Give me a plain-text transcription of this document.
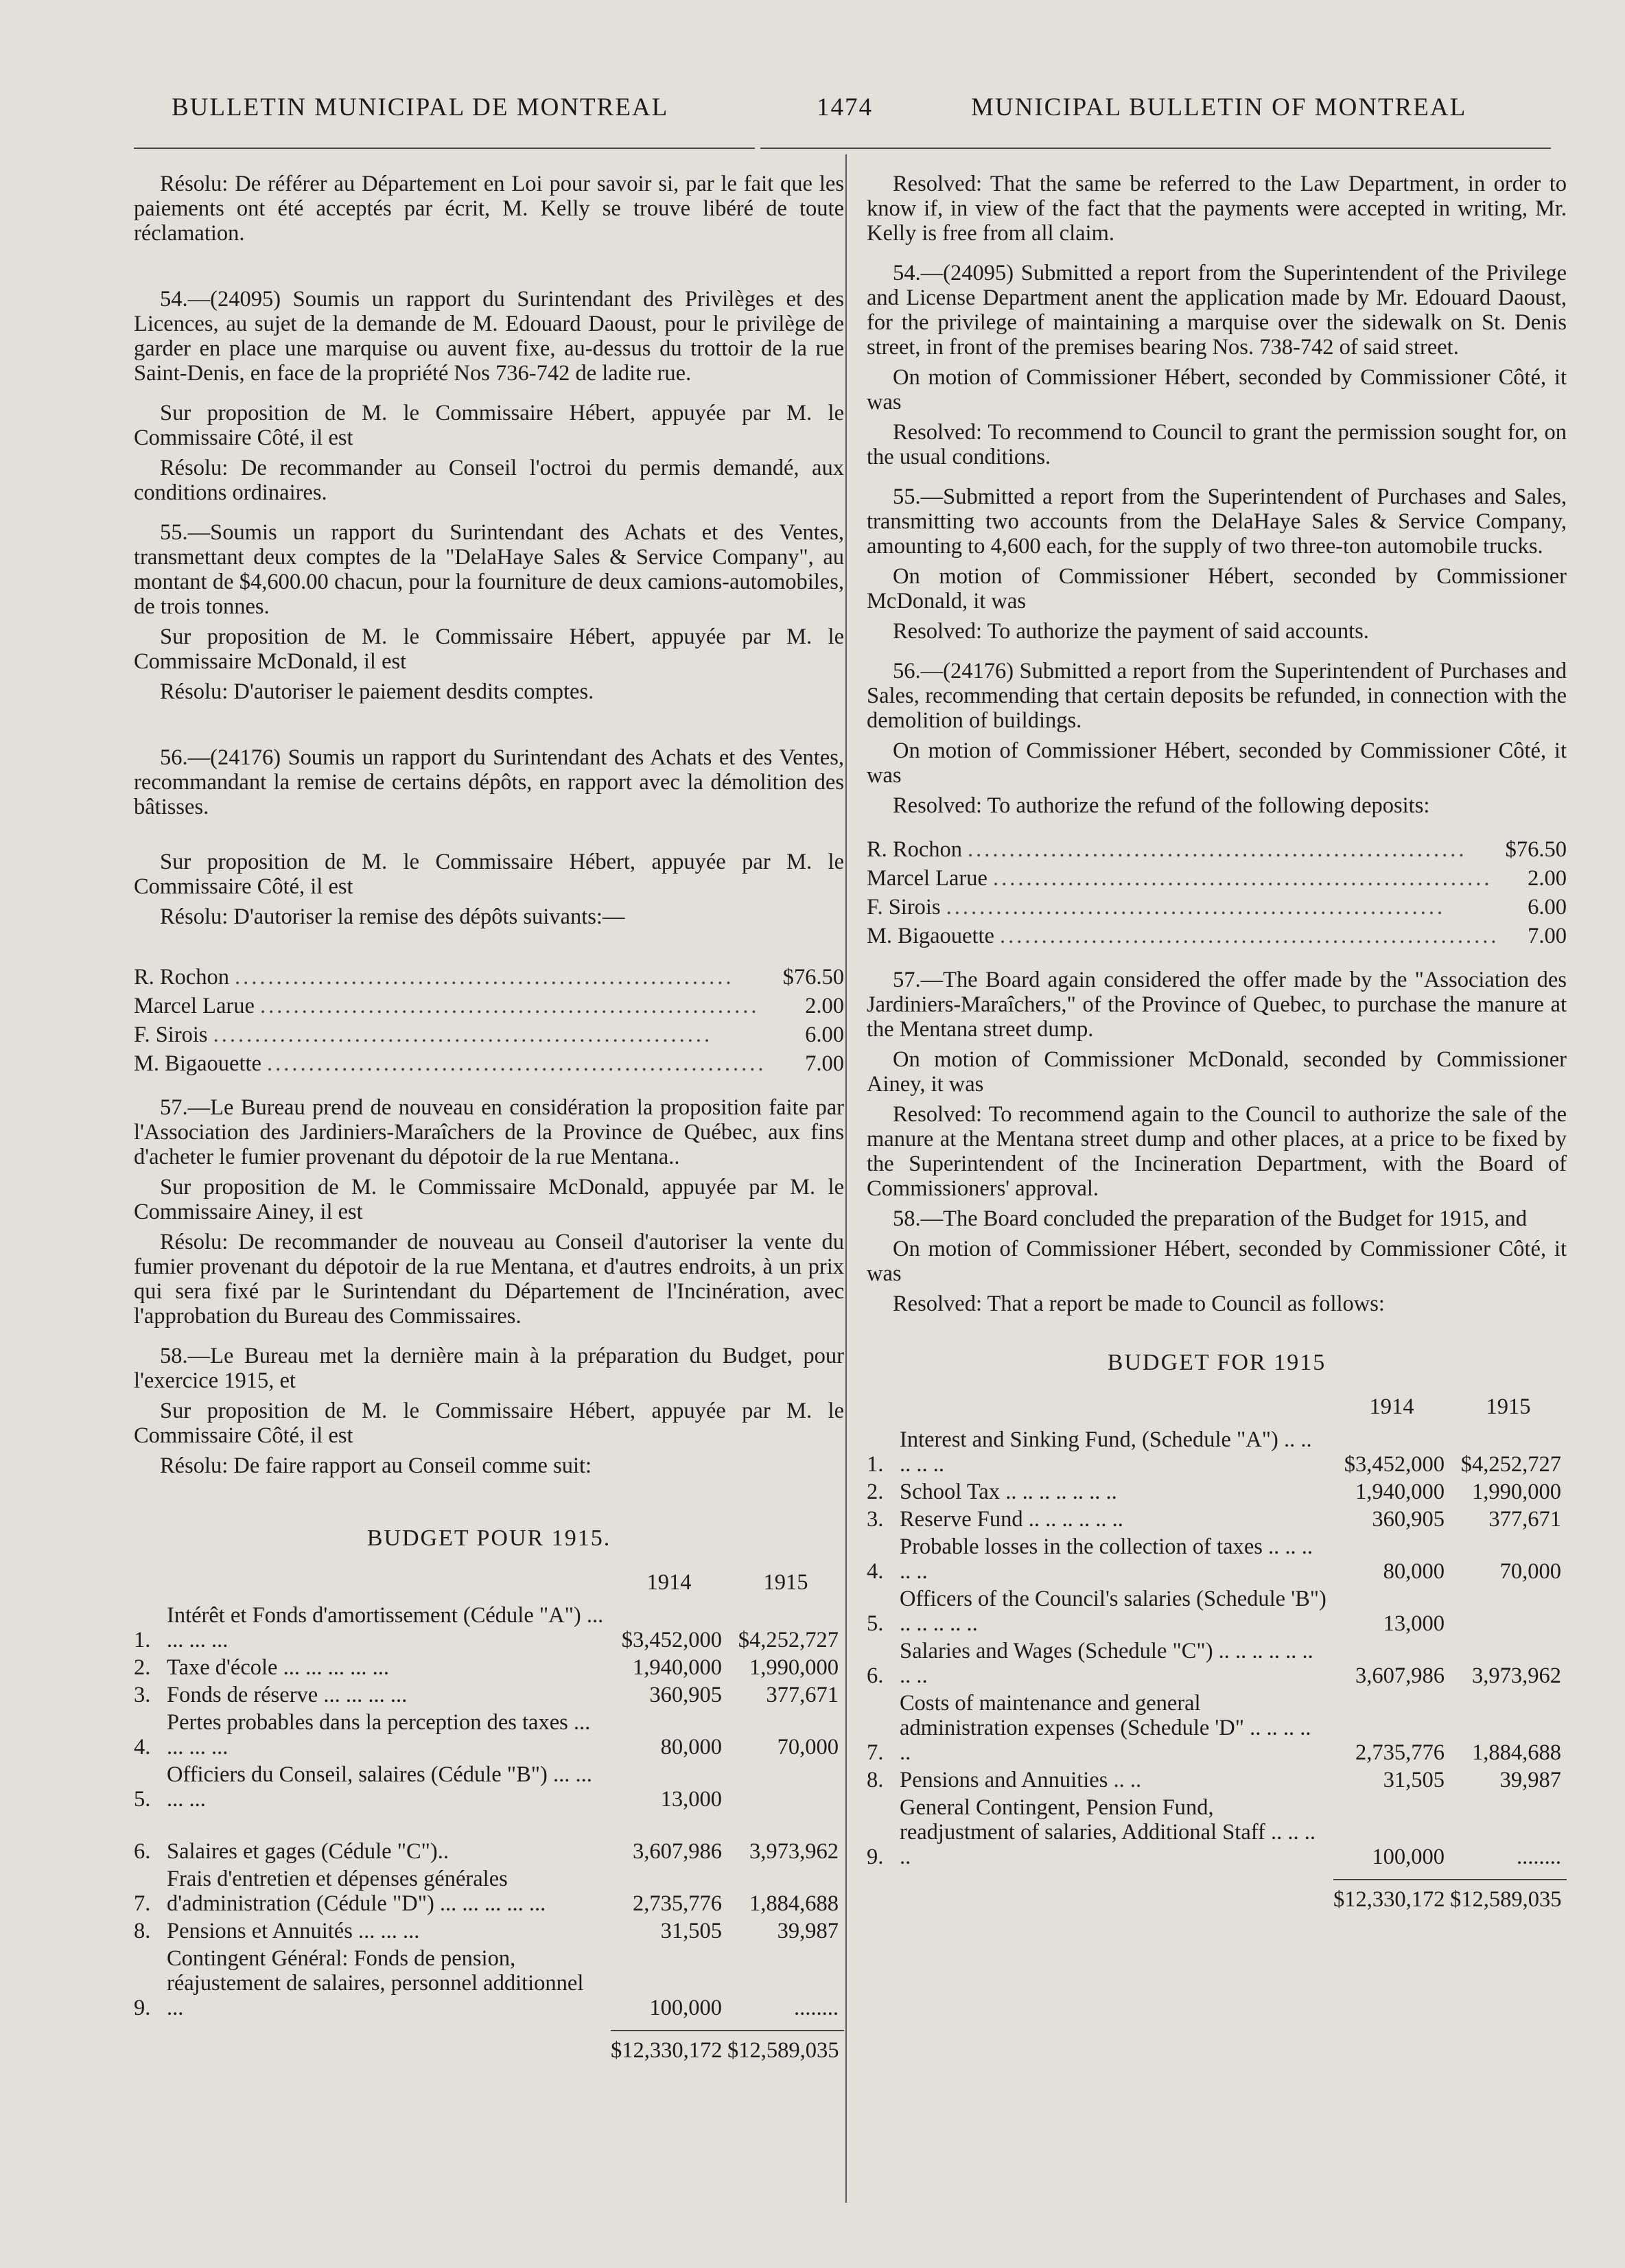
BULLETIN MUNICIPAL DE MONTREAL	1474	MUNICIPAL BULLETIN OF MONTREAL

Résolu: De référer au Département en Loi pour savoir si, par le fait que les paiements ont été acceptés par écrit, M. Kelly se trouve libéré de toute réclamation.

54.—(24095) Soumis un rapport du Surintendant des Privilèges et des Licences, au sujet de la demande de M. Edouard Daoust, pour le privilège de garder en place une marquise ou auvent fixe, au-dessus du trottoir de la rue Saint-Denis, en face de la propriété Nos 736-742 de ladite rue.

Sur proposition de M. le Commissaire Hébert, appuyée par M. le Commissaire Côté, il est

Résolu: De recommander au Conseil l'octroi du permis demandé, aux conditions ordinaires.

55.—Soumis un rapport du Surintendant des Achats et des Ventes, transmettant deux comptes de la "DelaHaye Sales & Service Company", au montant de $4,600.00 chacun, pour la fourniture de deux camions-automobiles, de trois tonnes.

Sur proposition de M. le Commissaire Hébert, appuyée par M. le Commissaire McDonald, il est

Résolu: D'autoriser le paiement desdits comptes.

56.—(24176) Soumis un rapport du Surintendant des Achats et des Ventes, recommandant la remise de certains dépôts, en rapport avec la démolition des bâtisses.

Sur proposition de M. le Commissaire Hébert, appuyée par M. le Commissaire Côté, il est

Résolu: D'autoriser la remise des dépôts suivants:—

R. Rochon ............................................................	$76.50
Marcel Larue ............................................................	2.00
F. Sirois ............................................................	6.00
M. Bigaouette ............................................................	7.00

57.—Le Bureau prend de nouveau en considération la proposition faite par l'Association des Jardiniers-Maraîchers de la Province de Québec, aux fins d'acheter le fumier provenant du dépotoir de la rue Mentana..

Sur proposition de M. le Commissaire McDonald, appuyée par M. le Commissaire Ainey, il est

Résolu: De recommander de nouveau au Conseil d'autoriser la vente du fumier provenant du dépotoir de la rue Mentana, et d'autres endroits, à un prix qui sera fixé par le Surintendant du Département de l'Incinération, avec l'approbation du Bureau des Commissaires.

58.—Le Bureau met la dernière main à la préparation du Budget, pour l'exercice 1915, et

Sur proposition de M. le Commissaire Hébert, appuyée par M. le Commissaire Côté, il est

Résolu: De faire rapport au Conseil comme suit:

BUDGET POUR 1915.
1914	1915
1.
Intérêt et Fonds d'amortissement (Cédule "A") ... ... ... ...	$3,452,000 $4,252,727
2. Taxe d'école ... ... ... ... ...	1,940,000	1,990,000
3. Fonds de réserve ... ... ... ...	360,905	377,671
4.
Pertes probables dans la perception des taxes ... ... ... ...	80,000	70,000
5.
Officiers du Conseil, salaires (Cédule "B") ... ... ... ...	13,000
6. Salaires et gages (Cédule "C")..	3,607,986	3,973,962
7.
Frais d'entretien et dépenses générales d'administration (Cédule "D") ... ... ... ... ...	2,735,776	1,884,688
8. Pensions et Annuités ... ... ...	31,505	39,987
9.
Contingent Général: Fonds de pension, réajustement de salaires, personnel additionnel ...	100,000	........
$12,330,172 $12,589,035

Resolved: That the same be referred to the Law Department, in order to know if, in view of the fact that the payments were accepted in writing, Mr. Kelly is free from all claim.

54.—(24095) Submitted a report from the Superintendent of the Privilege and License Department anent the application made by Mr. Edouard Daoust, for the privilege of maintaining a marquise over the sidewalk on St. Denis street, in front of the premises bearing Nos. 738-742 of said street.

On motion of Commissioner Hébert, seconded by Commissioner Côté, it was

Resolved: To recommend to Council to grant the permission sought for, on the usual conditions.

55.—Submitted a report from the Superintendent of Purchases and Sales, transmitting two accounts from the DelaHaye Sales & Service Company, amounting to 4,600 each, for the supply of two three-ton automobile trucks.

On motion of Commissioner Hébert, seconded by Commissioner McDonald, it was

Resolved: To authorize the payment of said accounts.

56.—(24176) Submitted a report from the Superintendent of Purchases and Sales, recommending that certain deposits be refunded, in connection with the demolition of buildings.

On motion of Commissioner Hébert, seconded by Commissioner Côté, it was

Resolved: To authorize the refund of the following deposits:

R. Rochon ............................................................	$76.50
Marcel Larue ............................................................	2.00
F. Sirois ............................................................	6.00
M. Bigaouette ............................................................	7.00

57.—The Board again considered the offer made by the "Association des Jardiniers-Maraîchers," of the Province of Quebec, to purchase the manure at the Mentana street dump.

On motion of Commissioner McDonald, seconded by Commissioner Ainey, it was

Resolved: To recommend again to the Council to authorize the sale of the manure at the Mentana street dump and other places, at a price to be fixed by the Superintendent of the Incineration Department, with the Board of Commissioners' approval.

58.—The Board concluded the preparation of the Budget for 1915, and

On motion of Commissioner Hébert, seconded by Commissioner Côté, it was

Resolved: That a report be made to Council as follows:

BUDGET FOR 1915
1914	1915
1.
Interest and Sinking Fund, (Schedule "A") .. .. .. .. ..	$3,452,000 $4,252,727
2. School Tax .. .. .. .. .. .. ..	1,940,000	1,990,000
3. Reserve Fund .. .. .. .. .. ..	360,905	377,671
4.
Probable losses in the collection of taxes .. .. .. .. ..	80,000	70,000
5.
Officers of the Council's salaries (Schedule 'B") .. .. .. .. ..	13,000
6.
Salaries and Wages (Schedule "C") .. .. .. .. .. .. .. ..	3,607,986	3,973,962
7.
Costs of maintenance and general administration expenses (Schedule 'D" .. .. .. .. ..	2,735,776	1,884,688
8. Pensions and Annuities .. ..	31,505	39,987
9.
General Contingent, Pension Fund, readjustment of salaries, Additional Staff .. .. .. ..	100,000	........
$12,330,172 $12,589,035
